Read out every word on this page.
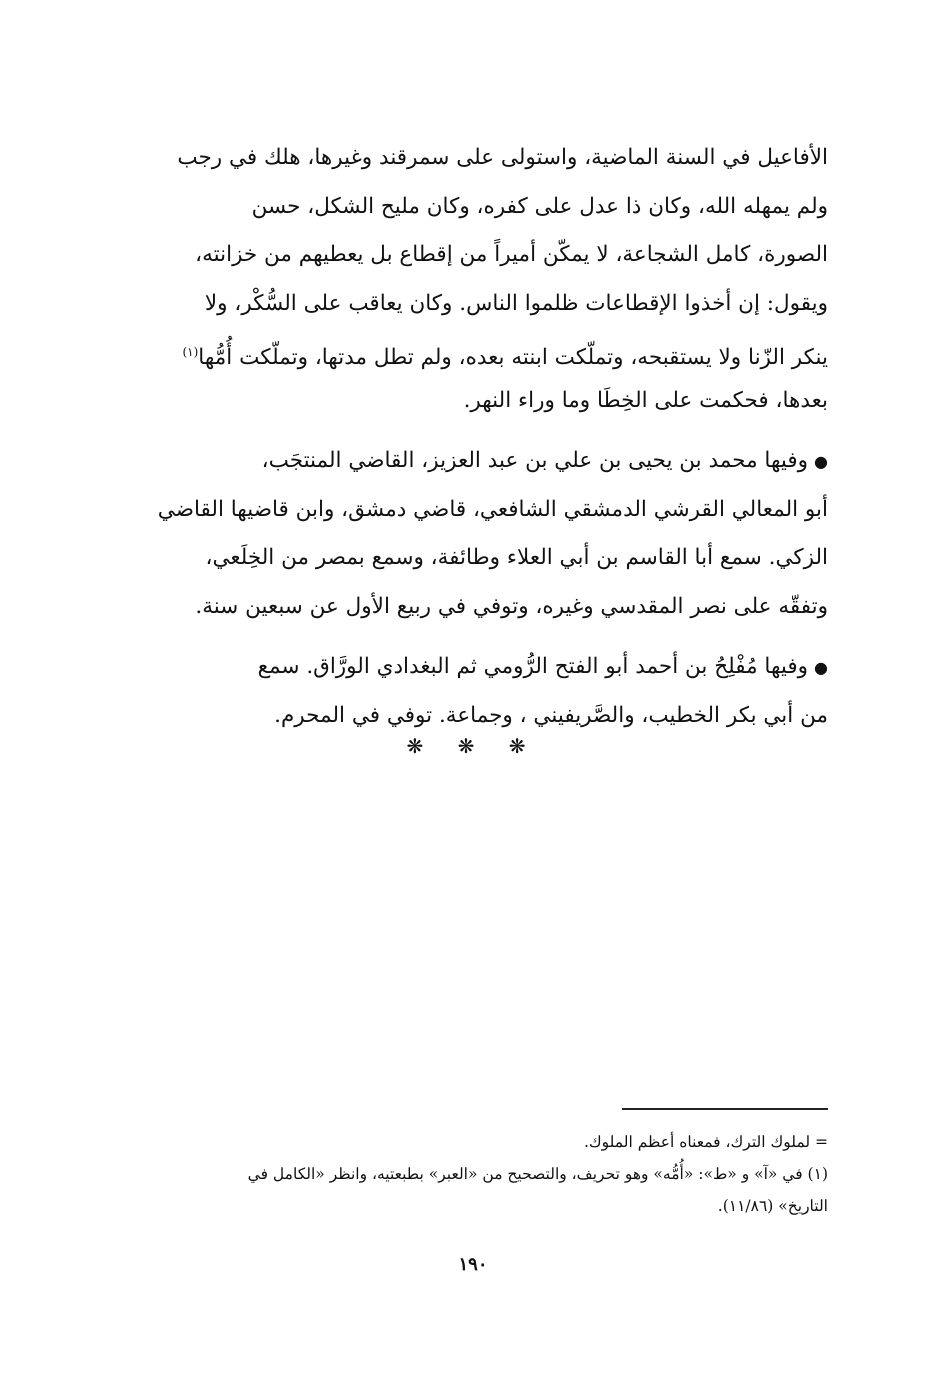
الأفاعيل في السنة الماضية، واستولى على سمرقند وغيرها، هلك في رجب
ولم يمهله الله، وكان ذا عدل على كفره، وكان مليح الشكل، حسن
الصورة، كامل الشجاعة، لا يمكّن أميراً من إقطاع بل يعطيهم من خزانته،
ويقول: إن أخذوا الإقطاعات ظلموا الناس. وكان يعاقب على السُّكْر، ولا
ينكر الزّنا ولا يستقبحه، وتملّكت ابنته بعده، ولم تطل مدتها، وتملّكت أُمُّها$^{(١)}$
بعدها، فحكمت على الخِطَا وما وراء النهر.
●وفيها محمد بن يحيى بن علي بن عبد العزيز، القاضي المنتجَب،
أبو المعالي القرشي الدمشقي الشافعي، قاضي دمشق، وابن قاضيها القاضي
الزكي. سمع أبا القاسم بن أبي العلاء وطائفة، وسمع بمصر من الخِلَعي،
وتفقّه على نصر المقدسي وغيره، وتوفي في ربيع الأول عن سبعين سنة.
●وفيها مُفْلِحُ بن أحمد أبو الفتح الرُّومي ثم البغدادي الورَّاق. سمع
من أبي بكر الخطيب، والصَّريفيني ، وجماعة. توفي في المحرم.
❋ ❋ ❋
= لملوك الترك، فمعناه أعظم الملوك.
(١) في «آ» و «ط»: «أُمُّه» وهو تحريف، والتصحيح من «العبر» بطبعتيه، وانظر «الكامل في
التاريخ» (١١/٨٦).
١٩٠
